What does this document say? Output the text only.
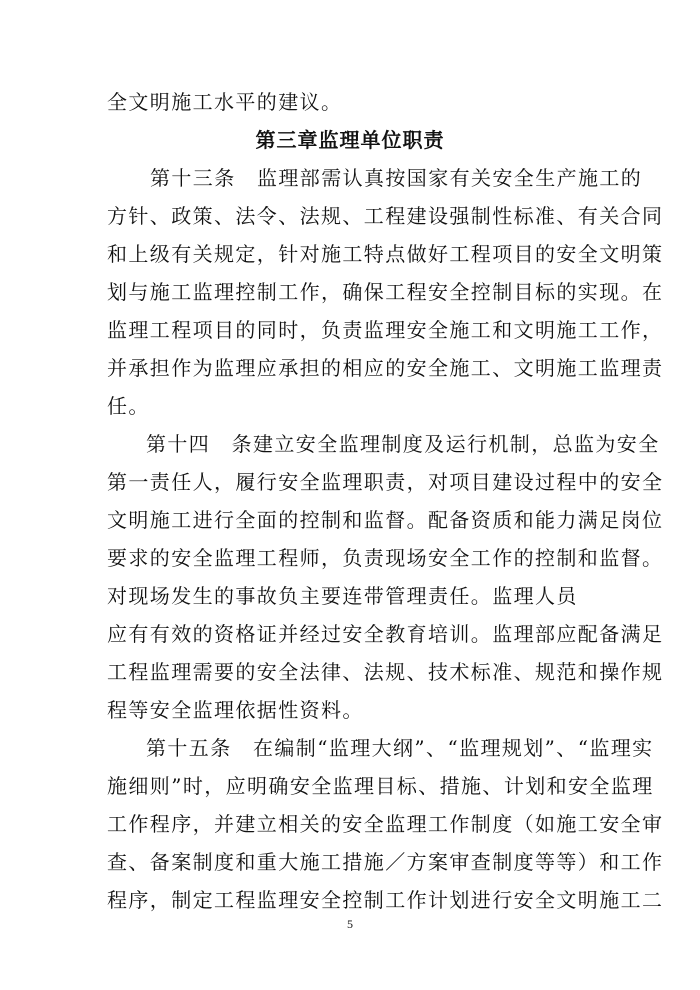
全文明施工水平的建议。
第三章监理单位职责
第十三条　监理部需认真按国家有关安全生产施工的
方针、政策、法令、法规、工程建设强制性标准、有关合同
和上级有关规定，针对施工特点做好工程项目的安全文明策
划与施工监理控制工作，确保工程安全控制目标的实现。在
监理工程项目的同时，负责监理安全施工和文明施工工作，
并承担作为监理应承担的相应的安全施工、文明施工监理责
任。
第十四　条建立安全监理制度及运行机制，总监为安全
第一责任人，履行安全监理职责，对项目建设过程中的安全
文明施工进行全面的控制和监督。配备资质和能力满足岗位
要求的安全监理工程师，负责现场安全工作的控制和监督。
对现场发生的事故负主要连带管理责任。监理人员
应有有效的资格证并经过安全教育培训。监理部应配备满足
工程监理需要的安全法律、法规、技术标准、规范和操作规
程等安全监理依据性资料。
第十五条　在编制“监理大纲”、“监理规划”、“监理实
施细则”时，应明确安全监理目标、措施、计划和安全监理
工作程序，并建立相关的安全监理工作制度（如施工安全审
查、备案制度和重大施工措施／方案审查制度等等）和工作
程序，制定工程监理安全控制工作计划进行安全文明施工二
5
